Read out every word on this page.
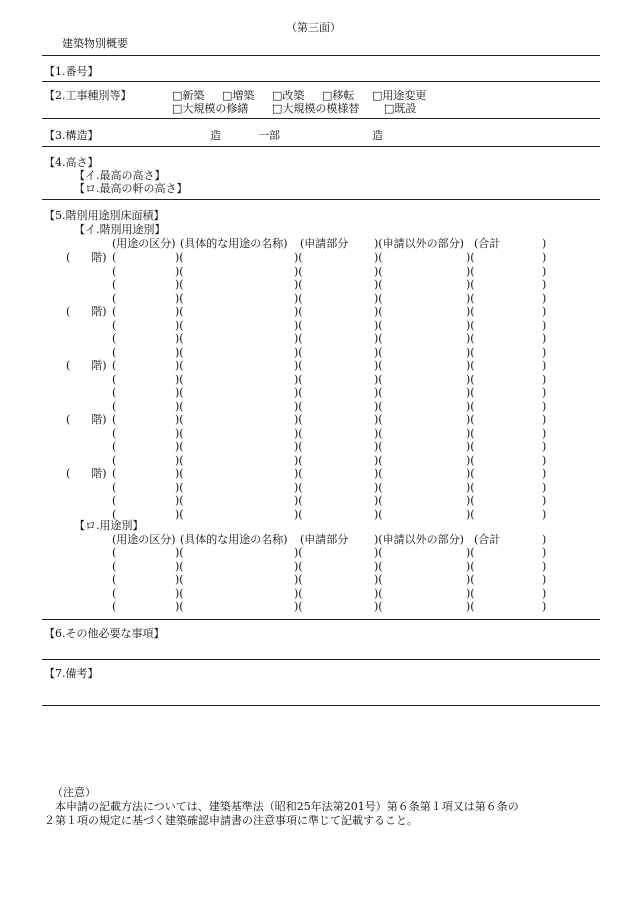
（第三面）
建築物別概要
【1.番号】
【2.工事種別等】	□新築 □増築 □改築 □移転 □用途変更
□大規模の修繕 □大規模の模様替 □既設
【3.構造】	造	一部	造
【4.高さ】
【イ.最高の高さ】
【ロ.最高の軒の高さ】
【5.階別用途別床面積】
【イ.階別用途別】
(用途の区分) (具体的な用途の名称) (申請部分 )(申請以外の部分) (合計	)
(      階) (	)(	)(	)(	)(	)
(	)(	)(	)(	)(	)
(	)(	)(	)(	)(	)
(	)(	)(	)(	)(	)
(      階) (	)(	)(	)(	)(	)
(	)(	)(	)(	)(	)
(	)(	)(	)(	)(	)
(	)(	)(	)(	)(	)
(      階) (	)(	)(	)(	)(	)
(	)(	)(	)(	)(	)
(	)(	)(	)(	)(	)
(	)(	)(	)(	)(	)
(      階) (	)(	)(	)(	)(	)
(	)(	)(	)(	)(	)
(	)(	)(	)(	)(	)
(	)(	)(	)(	)(	)
(      階) (	)(	)(	)(	)(	)
(	)(	)(	)(	)(	)
(	)(	)(	)(	)(	)
(	)(	)(	)(	)(	)
【ロ.用途別】
(用途の区分) (具体的な用途の名称) (申請部分 )(申請以外の部分) (合計	)
(	)(	)(	)(	)(	)
(	)(	)(	)(	)(	)
(	)(	)(	)(	)(	)
(	)(	)(	)(	)(	)
(	)(	)(	)(	)(	)
【6.その他必要な事項】
【7.備考】
（注意）
　本申請の記載方法については、建築基準法（昭和25年法第201号）第６条第１項又は第６条の
２第１項の規定に基づく建築確認申請書の注意事項に準じて記載すること。
